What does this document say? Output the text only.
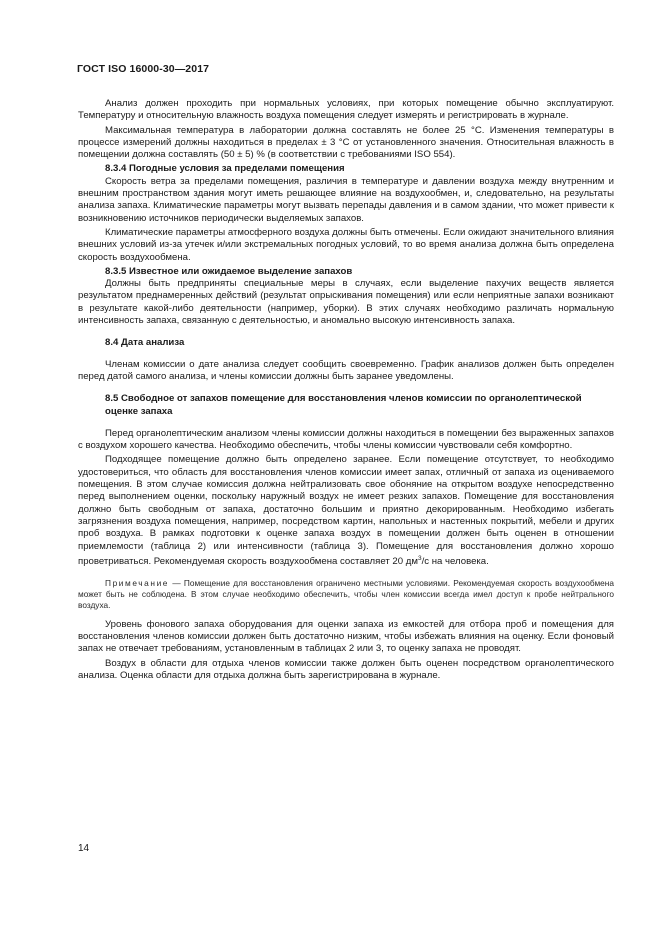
ГОСТ ISO 16000-30—2017

Анализ должен проходить при нормальных условиях, при которых помещение обычно эксплуатируют. Температуру и относительную влажность воздуха помещения следует измерять и регистрировать в журнале.

Максимальная температура в лаборатории должна составлять не более 25 °С. Изменения температуры в процессе измерений должны находиться в пределах ± 3 °С от установленного значения. Относительная влажность в помещении должна составлять (50 ± 5) % (в соответствии с требованиями ISO 554).

8.3.4 Погодные условия за пределами помещения

Скорость ветра за пределами помещения, различия в температуре и давлении воздуха между внутренним и внешним пространством здания могут иметь решающее влияние на воздухообмен, и, следовательно, на результаты анализа запаха. Климатические параметры могут вызвать перепады давления и в самом здании, что может привести к возникновению источников периодически выделяемых запахов.

Климатические параметры атмосферного воздуха должны быть отмечены. Если ожидают значительного влияния внешних условий из-за утечек и/или экстремальных погодных условий, то во время анализа должна быть определена скорость воздухообмена.

8.3.5 Известное или ожидаемое выделение запахов

Должны быть предприняты специальные меры в случаях, если выделение пахучих веществ является результатом преднамеренных действий (результат опрыскивания помещения) или если неприятные запахи возникают в результате какой-либо деятельности (например, уборки). В этих случаях необходимо различать нормальную интенсивность запаха, связанную с деятельностью, и аномально высокую интенсивность запаха.

8.4 Дата анализа

Членам комиссии о дате анализа следует сообщить своевременно. График анализов должен быть определен перед датой самого анализа, и члены комиссии должны быть заранее уведомлены.

8.5 Свободное от запахов помещение для восстановления членов комиссии по органолептической оценке запаха

Перед органолептическим анализом члены комиссии должны находиться в помещении без выраженных запахов с воздухом хорошего качества. Необходимо обеспечить, чтобы члены комиссии чувствовали себя комфортно.

Подходящее помещение должно быть определено заранее. Если помещение отсутствует, то необходимо удостовериться, что область для восстановления членов комиссии имеет запах, отличный от запаха из оцениваемого помещения. В этом случае комиссия должна нейтрализовать свое обоняние на открытом воздухе непосредственно перед выполнением оценки, поскольку наружный воздух не имеет резких запахов. Помещение для восстановления должно быть свободным от запаха, достаточно большим и приятно декорированным. Необходимо избегать загрязнения воздуха помещения, например, посредством картин, напольных и настенных покрытий, мебели и других проб воздуха. В рамках подготовки к оценке запаха воздух в помещении должен быть оценен в отношении приемлемости (таблица 2) или интенсивности (таблица 3). Помещение для восстановления должно хорошо проветриваться. Рекомендуемая скорость воздухообмена составляет 20 $дм^3/с$ на человека.

Примечание — Помещение для восстановления ограничено местными условиями. Рекомендуемая скорость воздухообмена может быть не соблюдена. В этом случае необходимо обеспечить, чтобы член комиссии всегда имел доступ к пробе нейтрального воздуха.

Уровень фонового запаха оборудования для оценки запаха из емкостей для отбора проб и помещения для восстановления членов комиссии должен быть достаточно низким, чтобы избежать влияния на оценку. Если фоновый запах не отвечает требованиям, установленным в таблицах 2 или 3, то оценку запаха не проводят.

Воздух в области для отдыха членов комиссии также должен быть оценен посредством органолептического анализа. Оценка области для отдыха должна быть зарегистрирована в журнале.

14
